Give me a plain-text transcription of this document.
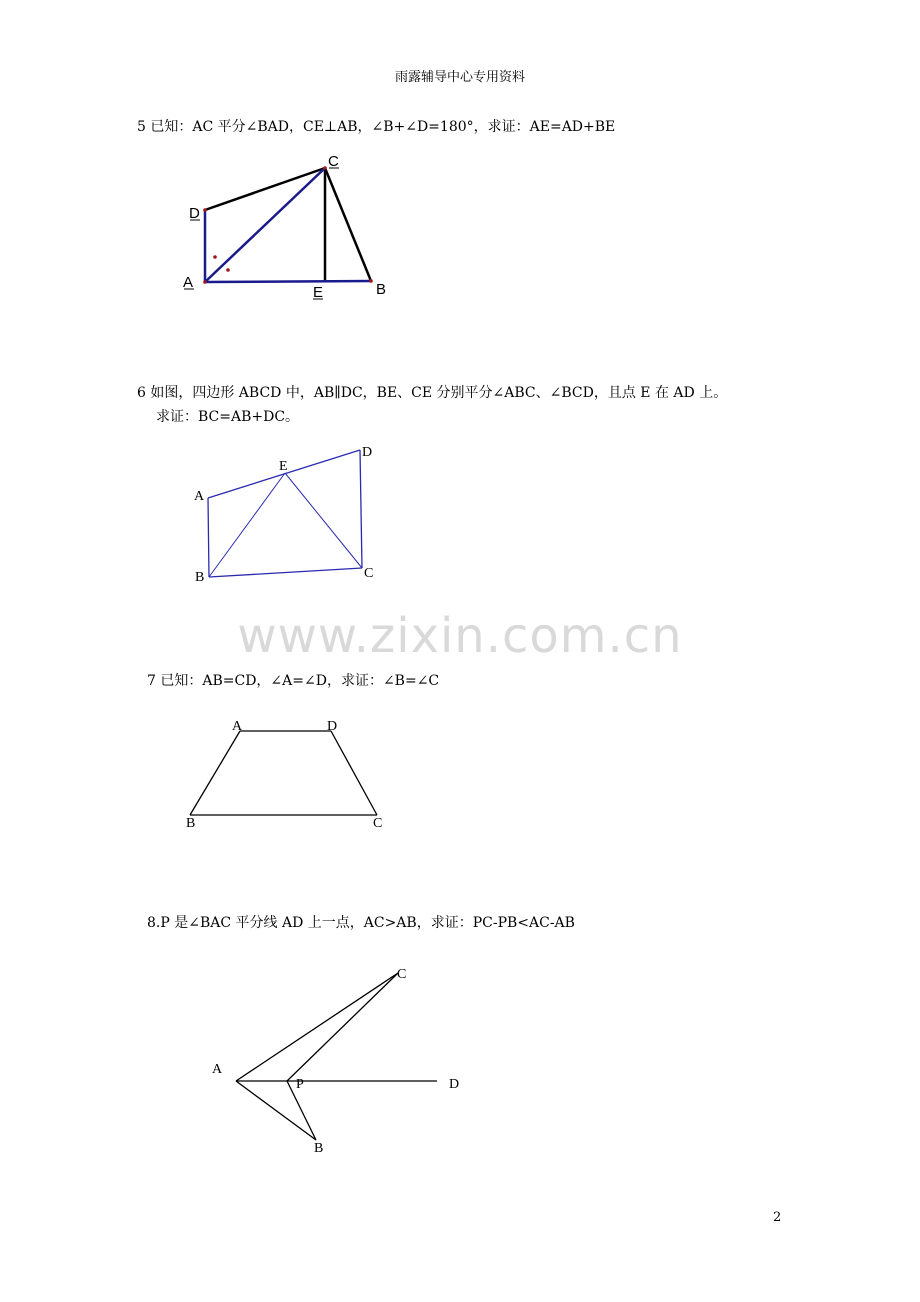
雨露辅导中心专用资料
5 已知：AC 平分∠BAD，CE⊥AB，∠B+∠D=180°，求证：AE=AD+BE
C
D
A
E	B
6 如图，四边形 ABCD 中，AB∥DC，BE、CE 分别平分∠ABC、∠BCD，且点 E 在 AD 上。
求证：BC=AB+DC。
E
D
A
B	C
www.zixin.com.cn
7 已知：AB=CD，∠A=∠D，求证：∠B=∠C
A	D
B	C
8.P 是∠BAC 平分线 AD 上一点，AC>AB，求证：PC-PB<AC-AB
C
A
P	D
B
2
